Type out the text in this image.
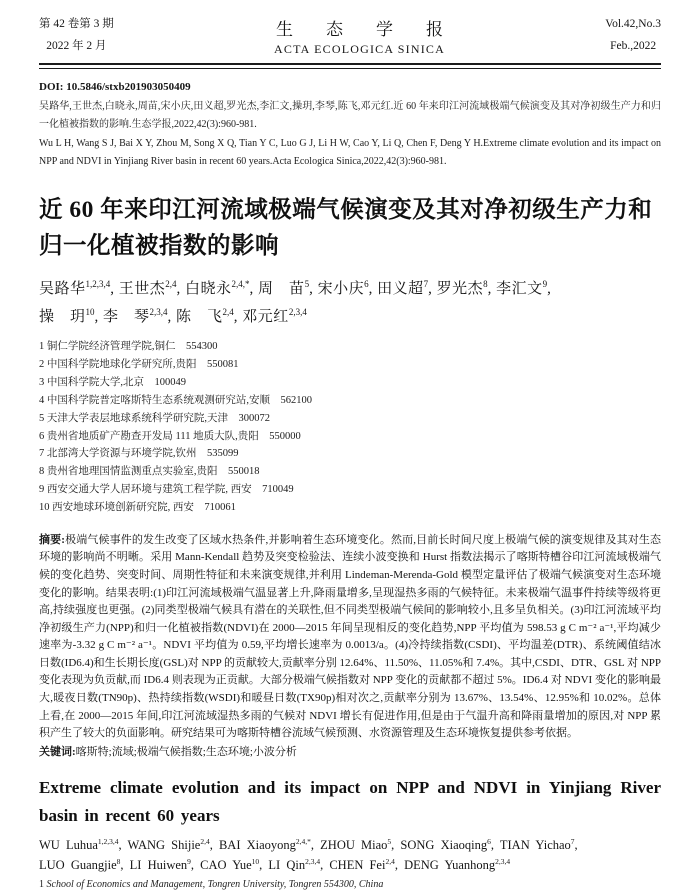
第 42 卷第 3 期
2022 年 2 月
生　态　学　报
ACTA ECOLOGICA SINICA
Vol.42,No.3
Feb.,2022
DOI: 10.5846/stxb201903050409
吴路华,王世杰,白晓永,周苗,宋小庆,田义超,罗光杰,李汇文,操玥,李琴,陈飞,邓元红.近 60 年来印江河流域极端气候演变及其对净初级生产力和归一化植被指数的影响.生态学报,2022,42(3):960-981.
Wu L H, Wang S J, Bai X Y, Zhou M, Song X Q, Tian Y C, Luo G J, Li H W, Cao Y, Li Q, Chen F, Deng Y H.Extreme climate evolution and its impact on NPP and NDVI in Yinjiang River basin in recent 60 years.Acta Ecologica Sinica,2022,42(3):960-981.
近 60 年来印江河流域极端气候演变及其对净初级生产力和归一化植被指数的影响
吴路华$^{1,2,3,4}$, 王世杰$^{2,4}$, 白晓永$^{2,4,*}$, 周　苗$^5$, 宋小庆$^6$, 田义超$^7$, 罗光杰$^8$, 李汇文$^9$,
操　玥$^{10}$, 李　琴$^{2,3,4}$, 陈　飞$^{2,4}$, 邓元红$^{2,3,4}$
1 铜仁学院经济管理学院,铜仁　554300
2 中国科学院地球化学研究所,贵阳　550081
3 中国科学院大学,北京　100049
4 中国科学院普定喀斯特生态系统观测研究站,安顺　562100
5 天津大学表层地球系统科学研究院,天津　300072
6 贵州省地质矿产勘查开发局 111 地质大队,贵阳　550000
7 北部湾大学资源与环境学院,钦州　535099
8 贵州省地理国情监测重点实验室,贵阳　550018
9 西安交通大学人居环境与建筑工程学院, 西安　710049
10 西安地球环境创新研究院, 西安　710061
摘要:极端气候事件的发生改变了区域水热条件,并影响着生态环境变化。然而,目前长时间尺度上极端气候的演变规律及其对生态环境的影响尚不明晰。采用 Mann-Kendall 趋势及突变检验法、连续小波变换和 Hurst 指数法揭示了喀斯特槽谷印江河流域极端气候的变化趋势、突变时间、周期性特征和未来演变规律,并利用 Lindeman-Merenda-Gold 模型定量评估了极端气候演变对生态环境变化的影响。结果表明:(1)印江河流域极端气温显著上升,降雨量增多,呈现湿热多雨的气候特征。未来极端气温事件持续等级将更高,持续强度也更强。(2)同类型极端气候具有潜在的关联性,但不同类型极端气候间的影响较小,且多呈负相关。(3)印江河流域平均净初级生产力(NPP)和归一化植被指数(NDVI)在 2000—2015 年间呈现相反的变化趋势,NPP 平均值为 598.53 g C m⁻² a⁻¹,平均减少速率为-3.32 g C m⁻² a⁻¹。NDVI 平均值为 0.59,平均增长速率为 0.0013/a。(4)冷持续指数(CSDI)、平均温差(DTR)、系统阈值结冰日数(ID6.4)和生长期长度(GSL)对 NPP 的贡献较大,贡献率分别 12.64%、11.50%、11.05%和 7.4%。其中,CSDI、DTR、GSL 对 NPP 变化表现为负贡献,而 ID6.4 则表现为正贡献。大部分极端气候指数对 NPP 变化的贡献都不超过 5%。ID6.4 对 NDVI 变化的影响最大,暖夜日数(TN90p)、热持续指数(WSDI)和暖昼日数(TX90p)相对次之,贡献率分别为 13.67%、13.54%、12.95%和 10.02%。总体上看,在 2000—2015 年间,印江河流域湿热多雨的气候对 NDVI 增长有促进作用,但是由于气温升高和降雨量增加的原因,对 NPP 累积产生了较大的负面影响。研究结果可为喀斯特槽谷流域气候预测、水资源管理及生态环境恢复提供参考依据。
关键词:喀斯特;流域;极端气候指数;生态环境;小波分析
Extreme climate evolution and its impact on NPP and NDVI in Yinjiang River basin in recent 60 years
WU Luhua$^{1,2,3,4}$, WANG Shijie$^{2,4}$, BAI Xiaoyong$^{2,4,*}$, ZHOU Miao$^5$, SONG Xiaoqing$^6$, TIAN Yichao$^7$,
LUO Guangjie$^8$, LI Huiwen$^9$, CAO Yue$^{10}$, LI Qin$^{2,3,4}$, CHEN Fei$^{2,4}$, DENG Yuanhong$^{2,3,4}$
1 School of Economics and Management, Tongren University, Tongren 554300, China
